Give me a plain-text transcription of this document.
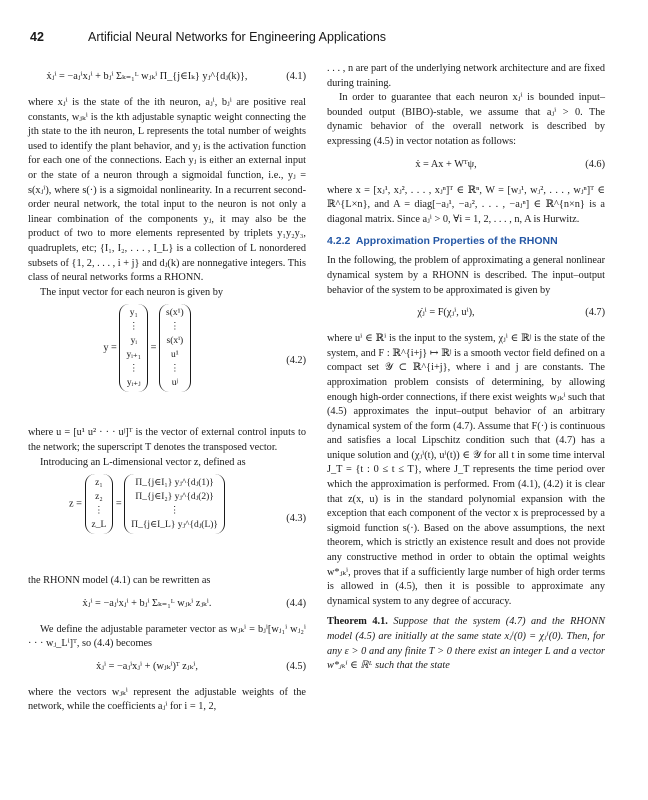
42	Artificial Neural Networks for Engineering Applications
ẋⱼⁱ = −aⱼⁱxⱼⁱ + bⱼⁱ Σₖ₌₁ᴸ wⱼₖⁱ Π_{j∈Iₖ} yⱼ^{dⱼ(k)},	(4.1)

where xⱼⁱ is the state of the ith neuron, aⱼⁱ, bⱼⁱ are positive real constants, wⱼₖⁱ is the kth adjustable synaptic weight connecting the jth state to the ith neuron, L represents the total number of weights used to identify the plant behavior, and yⱼ is the activation function for each one of the connections. Each yⱼ is either an external input or the state of a neuron through a sigmoidal function, i.e., yⱼ = s(xⱼⁱ), where s(·) is a sigmoidal nonlinearity. In a recurrent second-order neural network, the total input to the neuron is not only a linear combination of the components yⱼ, it may also be the product of two to more elements represented by triplets y₁y₂y₃, quadruplets, etc; {I₁, I₂, . . . , I_L} is a collection of L nonordered subsets of {1, 2, . . . , i + j} and dⱼ(k) are nonnegative integers. This class of neural networks forms a RHONN.

The input vector for each neuron is given by

y =
y₁
⋮
yᵢ
yᵢ₊₁
⋮
yᵢ₊ⱼ
=
s(x¹)
⋮
s(xⁱ)
u¹
⋮
uʲ
(4.2)

where u = [u¹ u² · · · uʲ]ᵀ is the vector of external control inputs to the network; the superscript T denotes the transposed vector.

Introducing an L-dimensional vector z, defined as

z =
z₁
z₂
⋮
z_L
=
Π_{j∈I₁} yⱼ^{dⱼ(1)}
Π_{j∈I₂} yⱼ^{dⱼ(2)}
⋮
Π_{j∈I_L} yⱼ^{dⱼ(L)}
(4.3)

the RHONN model (4.1) can be rewritten as

ẋⱼⁱ = −aⱼⁱxⱼⁱ + bⱼⁱ Σₖ₌₁ᴸ wⱼₖⁱ zⱼₖⁱ.	(4.4)

We define the adjustable parameter vector as wⱼₖⁱ = bⱼⁱ[wⱼ₁ⁱ wⱼ₂ⁱ · · · wⱼ_Lⁱ]ᵀ, so (4.4) becomes

ẋⱼⁱ = −aⱼⁱxⱼⁱ + (wⱼₖⁱ)ᵀ zⱼₖⁱ,	(4.5)

where the vectors wⱼₖⁱ represent the adjustable weights of the network, while the coefficients aⱼⁱ for i = 1, 2,

. . . , n are part of the underlying network architecture and are fixed during training.

In order to guarantee that each neuron xⱼⁱ is bounded input–bounded output (BIBO)-stable, we assume that aⱼⁱ > 0. The dynamic behavior of the overall network is described by expressing (4.5) in vector notation as follows:

ẋ = Ax + Wᵀψ,	(4.6)

where x = [xⱼ¹, xⱼ², . . . , xⱼⁿ]ᵀ ∈ ℝⁿ, W = [wⱼ¹, wⱼ², . . . , wⱼⁿ]ᵀ ∈ ℝ^{L×n}, and A = diag[−aⱼ¹, −aⱼ², . . . , −aⱼⁿ] ∈ ℝ^{n×n} is a diagonal matrix. Since aⱼⁱ > 0, ∀i = 1, 2, . . . , n, A is Hurwitz.

4.2.2 Approximation Properties of the RHONN

In the following, the problem of approximating a general nonlinear dynamical system by a RHONN is described. The input–output behavior of the system to be approximated is given by

χ̇ⱼⁱ = F(χⱼⁱ, uⁱ),	(4.7)

where uⁱ ∈ ℝⁱ is the input to the system, χⱼⁱ ∈ ℝʲ is the state of the system, and F : ℝ^{i+j} ↦ ℝʲ is a smooth vector field defined on a compact set 𝒴 ⊂ ℝ^{i+j}, where i and j are constants. The approximation problem consists of determining, by allowing enough high-order connections, if there exist weights wⱼₖⁱ such that (4.5) approximates the input–output behavior of an arbitrary dynamical system of the form (4.7). Assume that F(·) is continuous and satisfies a local Lipschitz condition such that (4.7) has a unique solution and (χⱼⁱ(t), uⁱ(t)) ∈ 𝒴 for all t in some time interval J_T = {t : 0 ≤ t ≤ T}, where J_T represents the time period over which the approximation is performed. From (4.1), (4.2) it is clear that z(x, u) is in the standard polynomial expansion with the exception that each component of the vector x is preprocessed by a sigmoid function s(·). Based on the above assumptions, the next theorem, which is strictly an existence result and does not provide any constructive method in order to obtain the optimal weights w*ⱼₖⁱ, proves that if a sufficiently large number of high order terms is allowed in (4.5), then it is possible to approximate any dynamical system to any degree of accuracy.

Theorem 4.1. Suppose that the system (4.7) and the RHONN model (4.5) are initially at the same state xⱼⁱ(0) = χⱼⁱ(0). Then, for any ε > 0 and any finite T > 0 there exist an integer L and a vector w*ⱼₖⁱ ∈ ℝᴸ such that the state
